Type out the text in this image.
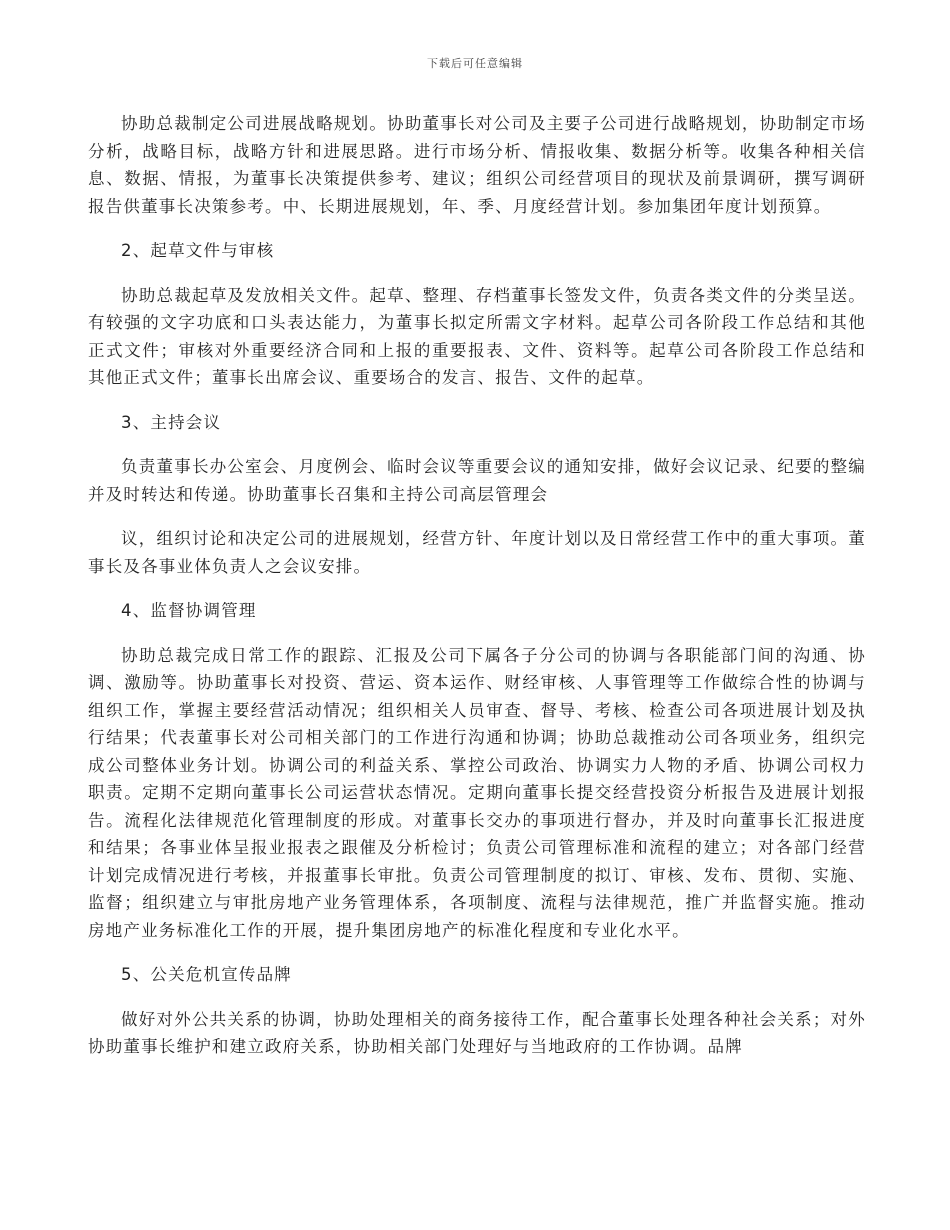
下载后可任意编辑

协助总裁制定公司进展战略规划。协助董事长对公司及主要子公司进行战略规划，协助制定市场分析，战略目标，战略方针和进展思路。进行市场分析、情报收集、数据分析等。收集各种相关信息、数据、情报，为董事长决策提供参考、建议；组织公司经营项目的现状及前景调研，撰写调研报告供董事长决策参考。中、长期进展规划，年、季、月度经营计划。参加集团年度计划预算。

2、起草文件与审核

协助总裁起草及发放相关文件。起草、整理、存档董事长签发文件，负责各类文件的分类呈送。有较强的文字功底和口头表达能力，为董事长拟定所需文字材料。起草公司各阶段工作总结和其他正式文件；审核对外重要经济合同和上报的重要报表、文件、资料等。起草公司各阶段工作总结和其他正式文件；董事长出席会议、重要场合的发言、报告、文件的起草。

3、主持会议

负责董事长办公室会、月度例会、临时会议等重要会议的通知安排，做好会议记录、纪要的整编并及时转达和传递。协助董事长召集和主持公司高层管理会

议，组织讨论和决定公司的进展规划，经营方针、年度计划以及日常经营工作中的重大事项。董事长及各事业体负责人之会议安排。

4、监督协调管理

协助总裁完成日常工作的跟踪、汇报及公司下属各子分公司的协调与各职能部门间的沟通、协调、激励等。协助董事长对投资、营运、资本运作、财经审核、人事管理等工作做综合性的协调与组织工作，掌握主要经营活动情况；组织相关人员审查、督导、考核、检查公司各项进展计划及执行结果；代表董事长对公司相关部门的工作进行沟通和协调；协助总裁推动公司各项业务，组织完成公司整体业务计划。协调公司的利益关系、掌控公司政治、协调实力人物的矛盾、协调公司权力职责。定期不定期向董事长公司运营状态情况。定期向董事长提交经营投资分析报告及进展计划报告。流程化法律规范化管理制度的形成。对董事长交办的事项进行督办，并及时向董事长汇报进度和结果；各事业体呈报业报表之跟催及分析检讨；负责公司管理标准和流程的建立；对各部门经营计划完成情况进行考核，并报董事长审批。负责公司管理制度的拟订、审核、发布、贯彻、实施、监督；组织建立与审批房地产业务管理体系，各项制度、流程与法律规范，推广并监督实施。推动房地产业务标准化工作的开展，提升集团房地产的标准化程度和专业化水平。

5、公关危机宣传品牌

做好对外公共关系的协调，协助处理相关的商务接待工作，配合董事长处理各种社会关系；对外协助董事长维护和建立政府关系，协助相关部门处理好与当地政府的工作协调。品牌
